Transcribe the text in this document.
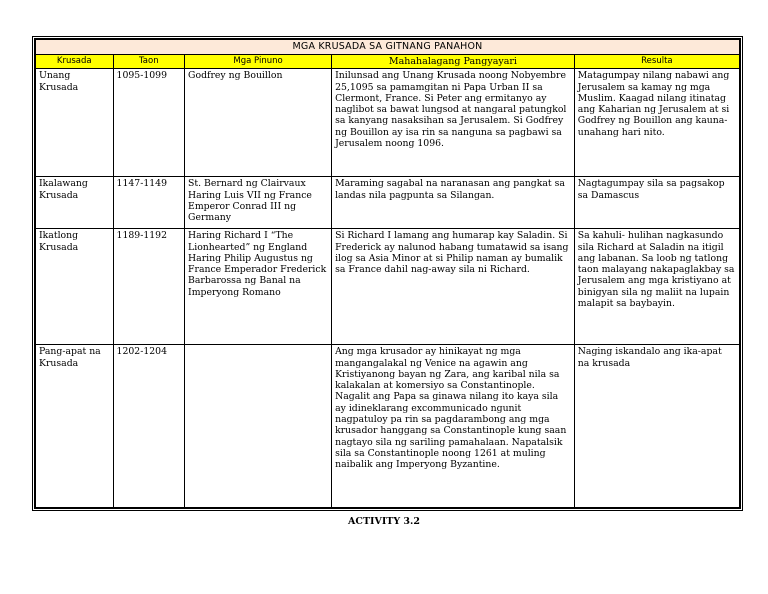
MGA KRUSADA SA GITNANG PANAHON				
Krusada	Taon	Mga Pinuno	Mahahalagang Pangyayari	Resulta
Unang Krusada	1095-1099	Godfrey ng Bouillon	Inilunsad ang Unang Krusada noong Nobyembre 25,1095 sa pamamgitan ni Papa Urban II sa Clermont, France. Si Peter ang ermitanyo ay naglibot sa bawat lungsod at nangaral patungkol sa kanyang nasaksihan sa Jerusalem. Si Godfrey ng Bouillon ay isa rin sa nanguna sa pagbawi sa Jerusalem noong 1096.	Matagumpay nilang nabawi ang Jerusalem sa kamay ng mga Muslim. Kaagad nilang itinatag ang Kaharian ng Jerusalem at si Godfrey ng Bouillon ang kauna-unahang hari nito.
Ikalawang Krusada	1147-1149	St. Bernard ng Clairvaux Haring Luis VII ng France Emperor Conrad III ng Germany	Maraming sagabal na naranasan ang pangkat sa landas nila pagpunta sa Silangan.	Nagtagumpay sila sa pagsakop sa Damascus
Ikatlong Krusada	1189-1192	Haring Richard I “The Lionhearted” ng England Haring Philip Augustus ng France Emperador Frederick Barbarossa ng Banal na Imperyong Romano	Si Richard I lamang ang humarap kay Saladin. Si Frederick ay nalunod habang tumatawid sa isang ilog sa Asia Minor at si Philip naman ay bumalik sa France dahil nag-away sila ni Richard.	Sa kahuli- hulihan nagkasundo sila Richard at Saladin na itigil ang labanan. Sa loob ng tatlong taon malayang nakapaglakbay sa Jerusalem ang mga kristiyano at binigyan sila ng maliit na lupain malapit sa baybayin.
Pang-apat na Krusada	1202-1204		Ang mga krusador ay hinikayat ng mga mangangalakal ng Venice na agawin ang Kristiyanong bayan ng Zara, ang karibal nila sa kalakalan at komersiyo sa Constantinople. Nagalit ang Papa sa ginawa nilang ito kaya sila ay idineklarang excommunicado ngunit nagpatuloy pa rin sa pagdarambong ang mga krusador hanggang sa Constantinople kung saan nagtayo sila ng sariling pamahalaan. Napatalsik sila sa Constantinople noong 1261 at muling naibalik ang Imperyong Byzantine.	Naging iskandalo ang ika-apat na krusada
ACTIVITY 3.2
